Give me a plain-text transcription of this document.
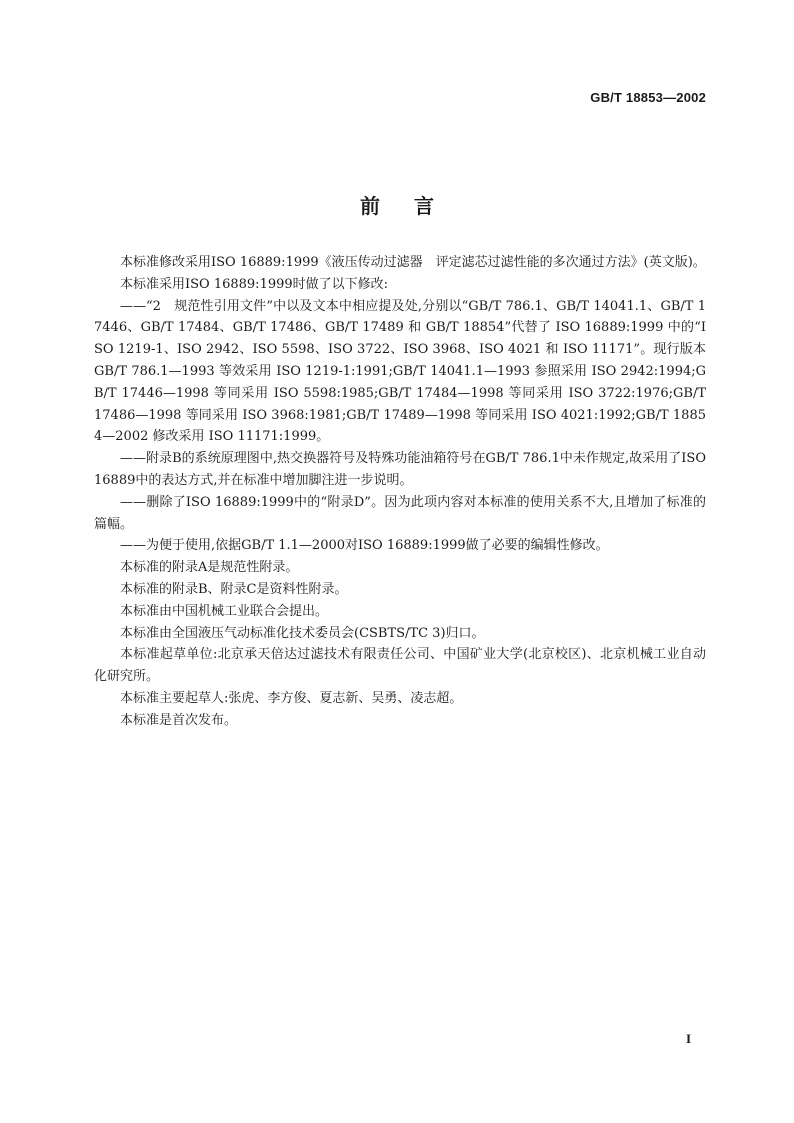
GB/T 18853—2002
前言

本标准修改采用ISO 16889:1999《液压传动过滤器　评定滤芯过滤性能的多次通过方法》(英文版)。

本标准采用ISO 16889:1999时做了以下修改:

——“2　规范性引用文件”中以及文本中相应提及处,分别以“GB/T 786.1、GB/T 14041.1、GB/T 17446、GB/T 17484、GB/T 17486、GB/T 17489 和 GB/T 18854”代替了 ISO 16889:1999 中的“ISO 1219-1、ISO 2942、ISO 5598、ISO 3722、ISO 3968、ISO 4021 和 ISO 11171”。现行版本 GB/T 786.1—1993 等效采用 ISO 1219-1:1991;GB/T 14041.1—1993 参照采用 ISO 2942:1994;GB/T 17446—1998 等同采用 ISO 5598:1985;GB/T 17484—1998 等同采用 ISO 3722:1976;GB/T 17486—1998 等同采用 ISO 3968:1981;GB/T 17489—1998 等同采用 ISO 4021:1992;GB/T 18854—2002 修改采用 ISO 11171:1999。

——附录B的系统原理图中,热交换器符号及特殊功能油箱符号在GB/T 786.1中未作规定,故采用了ISO 16889中的表达方式,并在标准中增加脚注进一步说明。

——删除了ISO 16889:1999中的“附录D”。因为此项内容对本标准的使用关系不大,且增加了标准的篇幅。

——为便于使用,依据GB/T 1.1—2000对ISO 16889:1999做了必要的编辑性修改。

本标准的附录A是规范性附录。

本标准的附录B、附录C是资料性附录。

本标准由中国机械工业联合会提出。

本标准由全国液压气动标准化技术委员会(CSBTS/TC 3)归口。

本标准起草单位:北京承天倍达过滤技术有限责任公司、中国矿业大学(北京校区)、北京机械工业自动化研究所。

本标准主要起草人:张虎、李方俊、夏志新、吴勇、凌志超。

本标准是首次发布。

I
